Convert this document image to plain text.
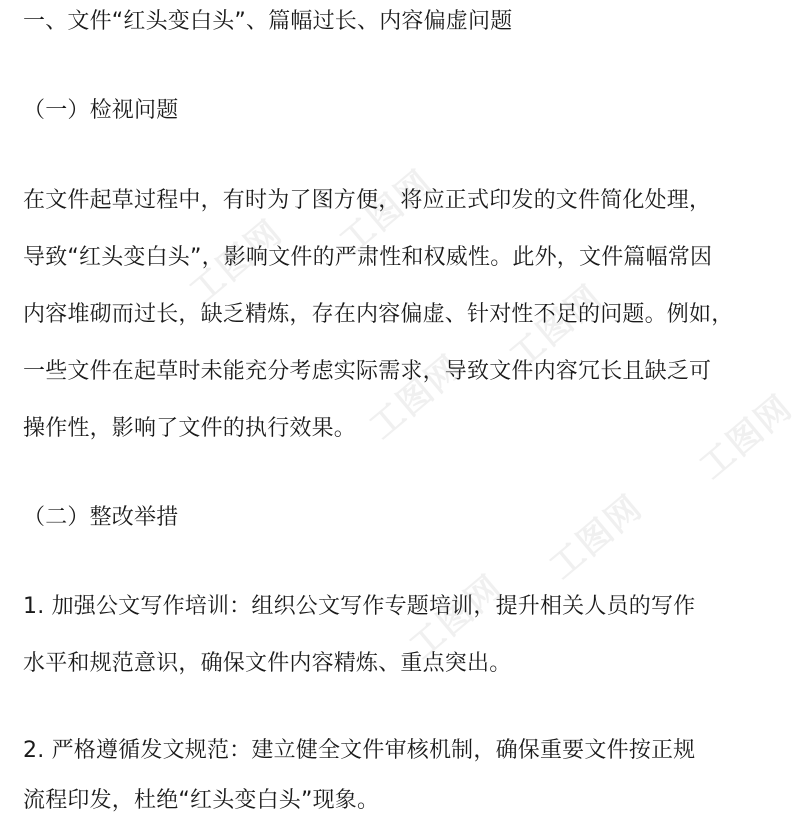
工图网
工图网
工图网
工图网	工图网
工图网
工图网
一、文件“红头变白头”、篇幅过长、内容偏虚问题
（一）检视问题
在文件起草过程中，有时为了图方便，将应正式印发的文件简化处理，
导致“红头变白头”，影响文件的严肃性和权威性。此外，文件篇幅常因
内容堆砌而过长，缺乏精炼，存在内容偏虚、针对性不足的问题。例如，
一些文件在起草时未能充分考虑实际需求，导致文件内容冗长且缺乏可
操作性，影响了文件的执行效果。
（二）整改举措
1. 加强公文写作培训：组织公文写作专题培训，提升相关人员的写作
水平和规范意识，确保文件内容精炼、重点突出。
2. 严格遵循发文规范：建立健全文件审核机制，确保重要文件按正规
流程印发，杜绝“红头变白头”现象。
